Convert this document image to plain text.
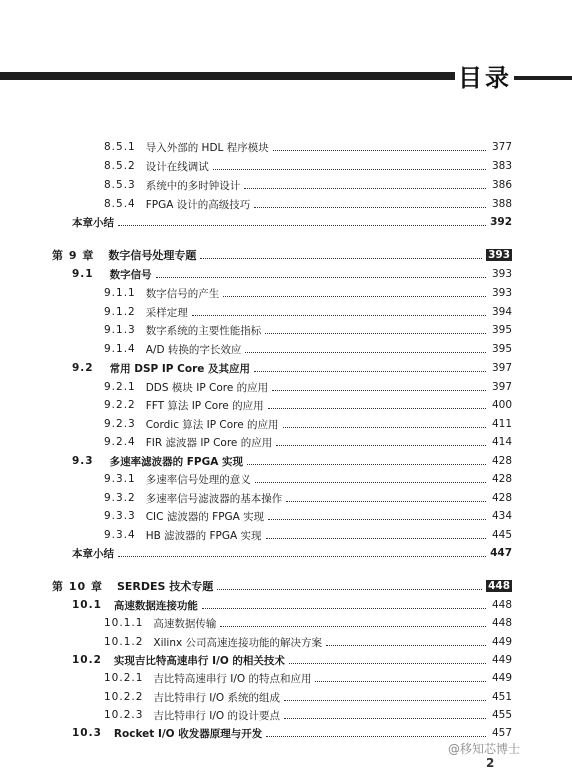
目录
8.5.1 导入外部的 HDL 程序模块	377
8.5.2 设计在线调试	383
8.5.3 系统中的多时钟设计	386
8.5.4 FPGA 设计的高级技巧	388
本章小结	392
第 9 章 数字信号处理专题	393
9.1 数字信号	393
9.1.1 数字信号的产生	393
9.1.2 采样定理	394
9.1.3 数字系统的主要性能指标	395
9.1.4 A/D 转换的字长效应	395
9.2 常用 DSP IP Core 及其应用	397
9.2.1 DDS 模块 IP Core 的应用	397
9.2.2 FFT 算法 IP Core 的应用	400
9.2.3 Cordic 算法 IP Core 的应用	411
9.2.4 FIR 滤波器 IP Core 的应用	414
9.3 多速率滤波器的 FPGA 实现	428
9.3.1 多速率信号处理的意义	428
9.3.2 多速率信号滤波器的基本操作	428
9.3.3 CIC 滤波器的 FPGA 实现	434
9.3.4 HB 滤波器的 FPGA 实现	445
本章小结	447
第 10 章 SERDES 技术专题	448
10.1 高速数据连接功能	448
10.1.1 高速数据传输	448
10.1.2 Xilinx 公司高速连接功能的解决方案	449
10.2 实现吉比特高速串行 I/O 的相关技术	449
10.2.1 吉比特高速串行 I/O 的特点和应用	449
10.2.2 吉比特串行 I/O 系统的组成	451
10.2.3 吉比特串行 I/O 的设计要点	455
10.3 Rocket I/O 收发器原理与开发	457
@移知芯博士
2
